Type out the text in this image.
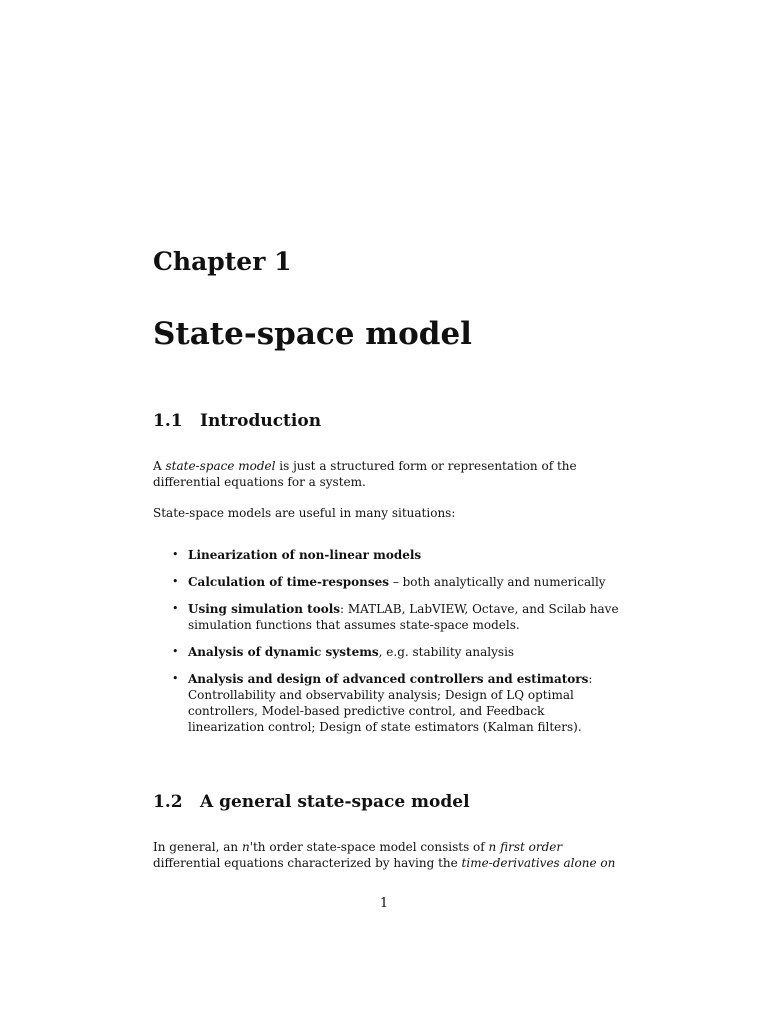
Chapter 1
State-space model
1.1 Introduction

A state-space model is just a structured form or representation of the differential equations for a system.

State-space models are useful in many situations:

• Linearization of non-linear models
• Calculation of time-responses – both analytically and numerically
• Using simulation tools: MATLAB, LabVIEW, Octave, and Scilab have simulation functions that assumes state-space models.
• Analysis of dynamic systems, e.g. stability analysis
• Analysis and design of advanced controllers and estimators: Controllability and observability analysis; Design of LQ optimal controllers, Model-based predictive control, and Feedback linearization control; Design of state estimators (Kalman filters).
1.2 A general state-space model

In general, an n'th order state-space model consists of n first order differential equations characterized by having the time-derivatives alone on

1
